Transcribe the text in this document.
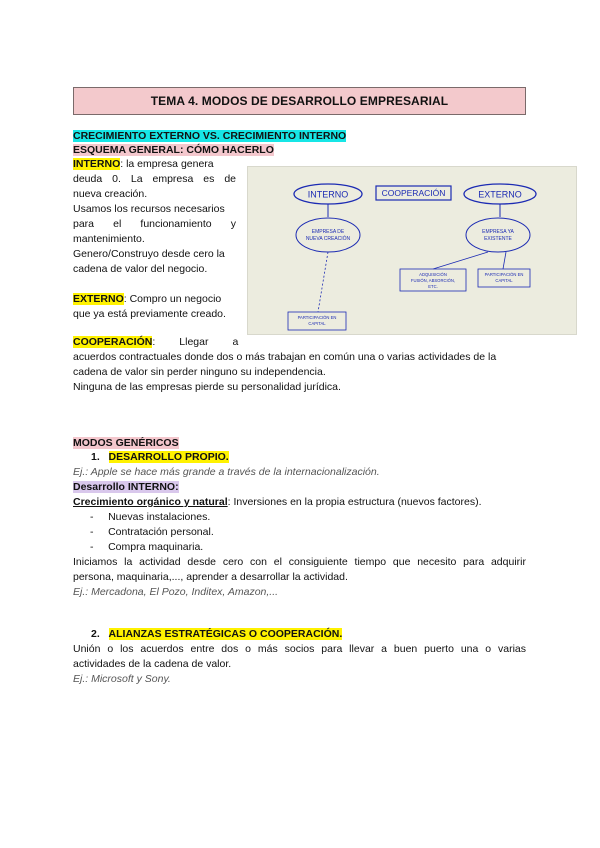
TEMA 4. MODOS DE DESARROLLO EMPRESARIAL
CRECIMIENTO EXTERNO VS. CRECIMIENTO INTERNO
ESQUEMA GENERAL: CÓMO HACERLO
INTERNO: la empresa genera
deuda 0. La empresa es de
nueva creación.
Usamos los recursos necesarios
para el funcionamiento y
mantenimiento.
Genero/Construyo desde cero la
cadena de valor del negocio.
EXTERNO: Compro un negocio
que ya está previamente creado.
COOPERACIÓN: Llegar a
acuerdos contractuales donde dos o más trabajan en común una o varias actividades de la
cadena de valor sin perder ninguno su independencia.
Ninguna de las empresas pierde su personalidad jurídica.
INTERNO	COOPERACIÓN	EXTERNO
EMPRESA DE
NUEVA CREACIÓN
EMPRESA YA
EXISTENTE
ADQUISICIÓN
FUSIÓN, ABSORCIÓN,
ETC.
PARTICIPACIÓN EN
CAPITAL
PARTICIPACIÓN EN
CAPITAL
MODOS GENÉRICOS
1. DESARROLLO PROPIO.
Ej.: Apple se hace más grande a través de la internacionalización.
Desarrollo INTERNO:
Crecimiento orgánico y natural: Inversiones en la propia estructura (nuevos factores).
-     Nuevas instalaciones.
-     Contratación personal.
-     Compra maquinaria.
Iniciamos la actividad desde cero con el consiguiente tiempo que necesito para adquirir
persona, maquinaria,..., aprender a desarrollar la actividad.
Ej.: Mercadona, El Pozo, Inditex, Amazon,...
2. ALIANZAS ESTRATÉGICAS O COOPERACIÓN.
Unión o los acuerdos entre dos o más socios para llevar a buen puerto una o varias
actividades de la cadena de valor.
Ej.: Microsoft y Sony.
